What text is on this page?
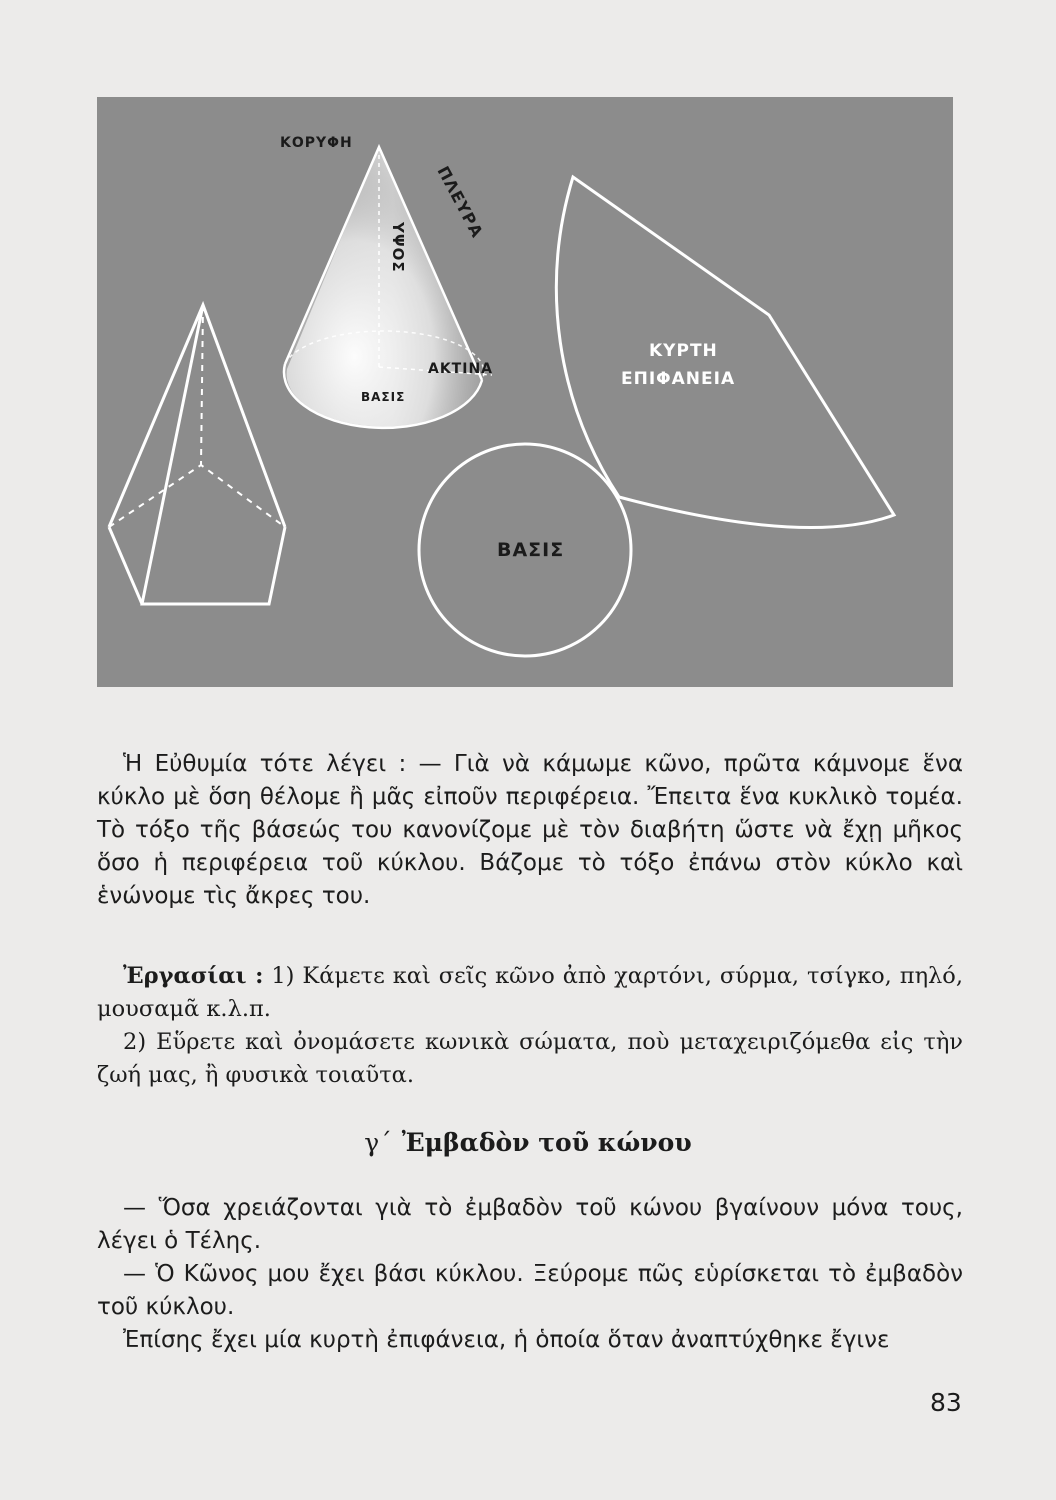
ΚΟΡΥΦΗ
ΠΛΕΥΡΑ
ΥΨΟΣ
ΑΚΤΙΝΑ
ΒΑΣΙΣ
ΚΥΡΤΗ
ΕΠΙΦΑΝΕΙΑ
ΒΑΣΙΣ

Ἡ Εὐθυμία τότε λέγει : — Γιὰ νὰ κάμωμε κῶνο, πρῶτα κάμνομε ἕνα κύκλο μὲ ὅση θέλομε ἢ μᾶς εἰποῦν περιφέρεια. Ἔπειτα ἕνα κυκλικὸ τομέα. Τὸ τόξο τῆς βάσεώς του κανονίζομε μὲ τὸν διαβήτη ὥστε νὰ ἔχῃ μῆκος ὅσο ἡ περιφέρεια τοῦ κύκλου. Βάζομε τὸ τόξο ἐπάνω στὸν κύκλο καὶ ἑνώνομε τὶς ἄκρες του.

Ἐργασίαι : 1) Κάμετε καὶ σεῖς κῶνο ἀπὸ χαρτόνι, σύρμα, τσίγκο, πηλό, μουσαμᾶ κ.λ.π.

2) Εὕρετε καὶ ὀνομάσετε κωνικὰ σώματα, ποὺ μεταχειριζόμεθα εἰς τὴν ζωή μας, ἢ φυσικὰ τοιαῦτα.

γ΄ Ἐμβαδὸν τοῦ κώνου

— Ὅσα χρειάζονται γιὰ τὸ ἐμβαδὸν τοῦ κώνου βγαίνουν μόνα τους, λέγει ὁ Τέλης.

— Ὁ Κῶνος μου ἔχει βάσι κύκλου. Ξεύρομε πῶς εὑρίσκεται τὸ ἐμβαδὸν τοῦ κύκλου.

Ἐπίσης ἔχει μία κυρτὴ ἐπιφάνεια, ἡ ὁποία ὅταν ἀναπτύχθηκε ἔγινε

83
